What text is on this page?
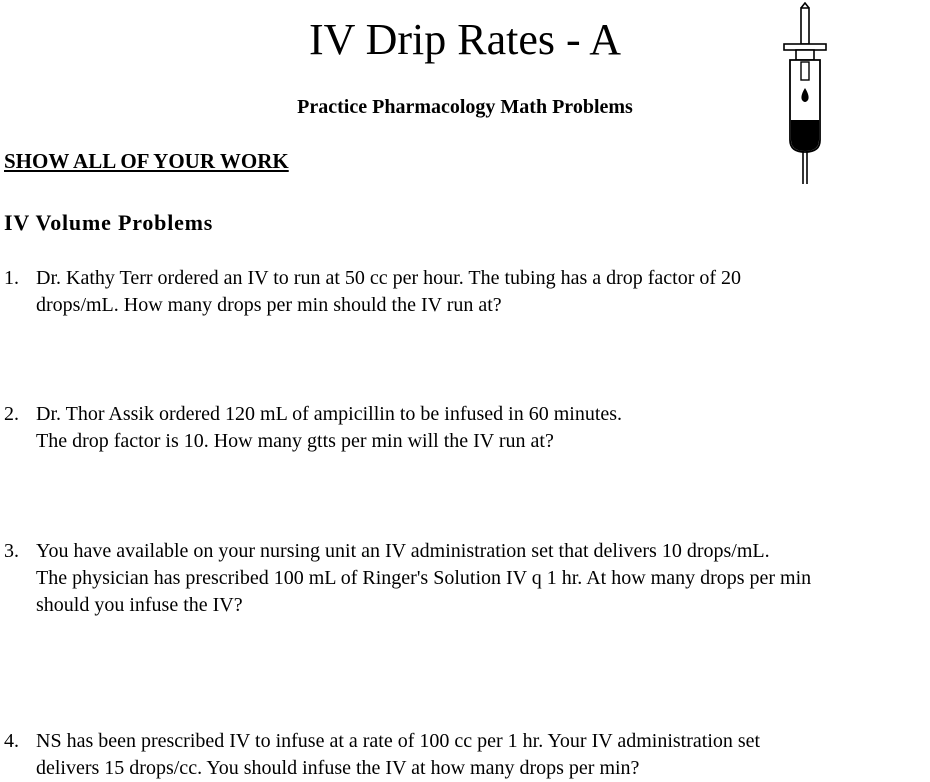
IV Drip Rates - A
Practice Pharmacology Math Problems
SHOW ALL OF YOUR WORK
IV Volume Problems
1. Dr. Kathy Terr ordered an IV to run at 50 cc per hour. The tubing has a drop factor of 20
drops/mL. How many drops per min should the IV run at?
2. Dr. Thor Assik ordered 120 mL of ampicillin to be infused in 60 minutes.
The drop factor is 10. How many gtts per min will the IV run at?
3. You have available on your nursing unit an IV administration set that delivers 10 drops/mL.
The physician has prescribed 100 mL of Ringer's Solution IV q 1 hr. At how many drops per min
should you infuse the IV?
4. NS has been prescribed IV to infuse at a rate of 100 cc per 1 hr. Your IV administration set
delivers 15 drops/cc. You should infuse the IV at how many drops per min?
